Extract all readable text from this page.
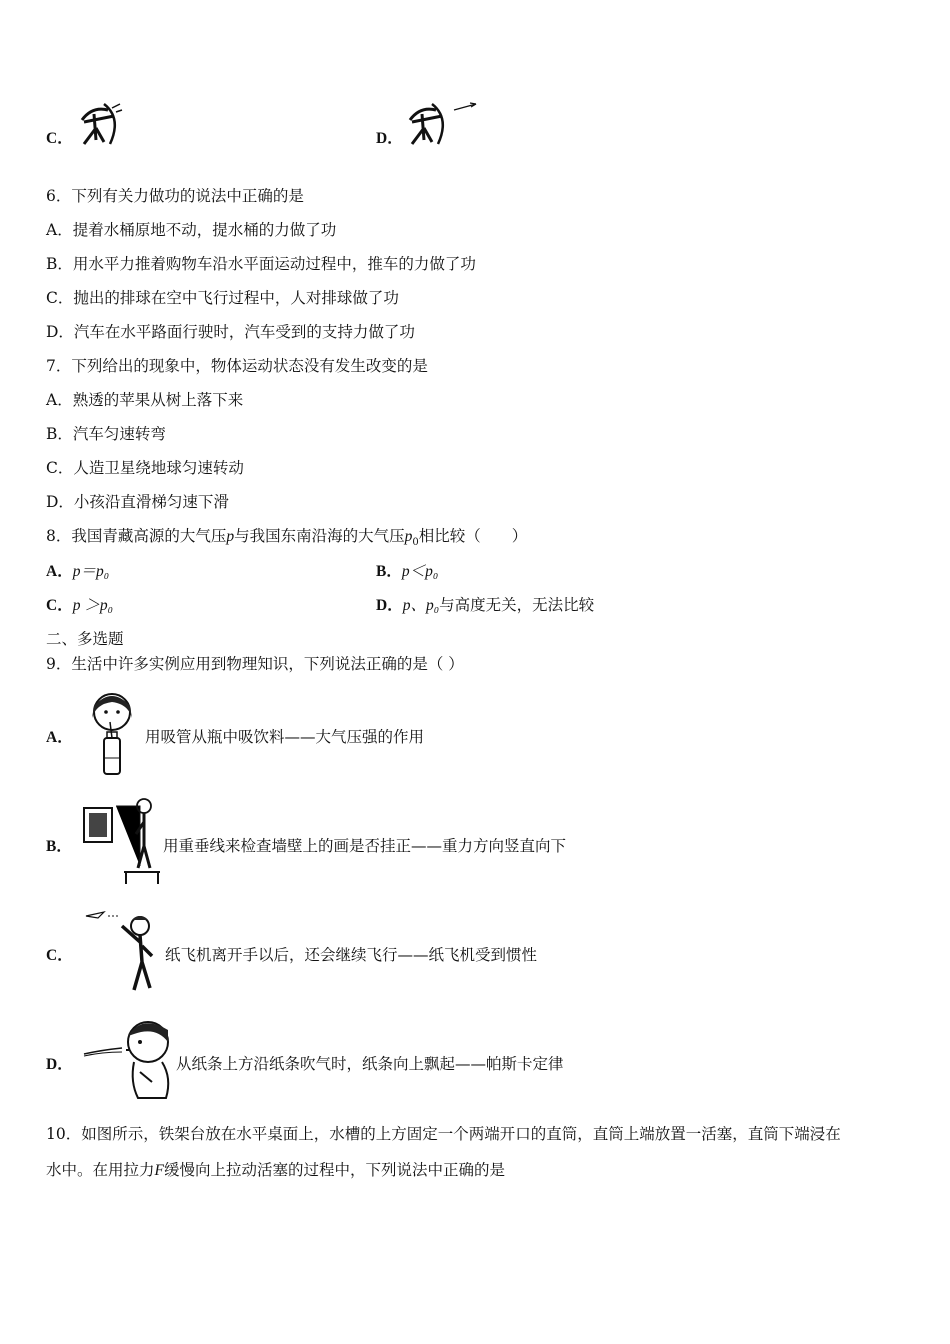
C．	D．
6．下列有关力做功的说法中正确的是
A．提着水桶原地不动，提水桶的力做了功
B．用水平力推着购物车沿水平面运动过程中，推车的力做了功
C．抛出的排球在空中飞行过程中，人对排球做了功
D．汽车在水平路面行驶时，汽车受到的支持力做了功
7．下列给出的现象中，物体运动状态没有发生改变的是
A．熟透的苹果从树上落下来
B．汽车匀速转弯
C．人造卫星绕地球匀速转动
D．小孩沿直滑梯匀速下滑
8．我国青藏高源的大气压p与我国东南沿海的大气压$p_0$相比较（　　）
A．p＝p₀	B．p＜p₀
C．p ＞p₀	D．p、p₀与高度无关，无法比较
二、多选题
9．生活中许多实例应用到物理知识，下列说法正确的是（ ）
A．	用吸管从瓶中吸饮料——大气压强的作用
B．	用重垂线来检查墙壁上的画是否挂正——重力方向竖直向下
C．	纸飞机离开手以后，还会继续飞行——纸飞机受到惯性
D．	从纸条上方沿纸条吹气时，纸条向上飘起——帕斯卡定律
10．如图所示，铁架台放在水平桌面上，水槽的上方固定一个两端开口的直筒，直筒上端放置一活塞，直筒下端浸在
水中。在用拉力F缓慢向上拉动活塞的过程中，下列说法中正确的是
